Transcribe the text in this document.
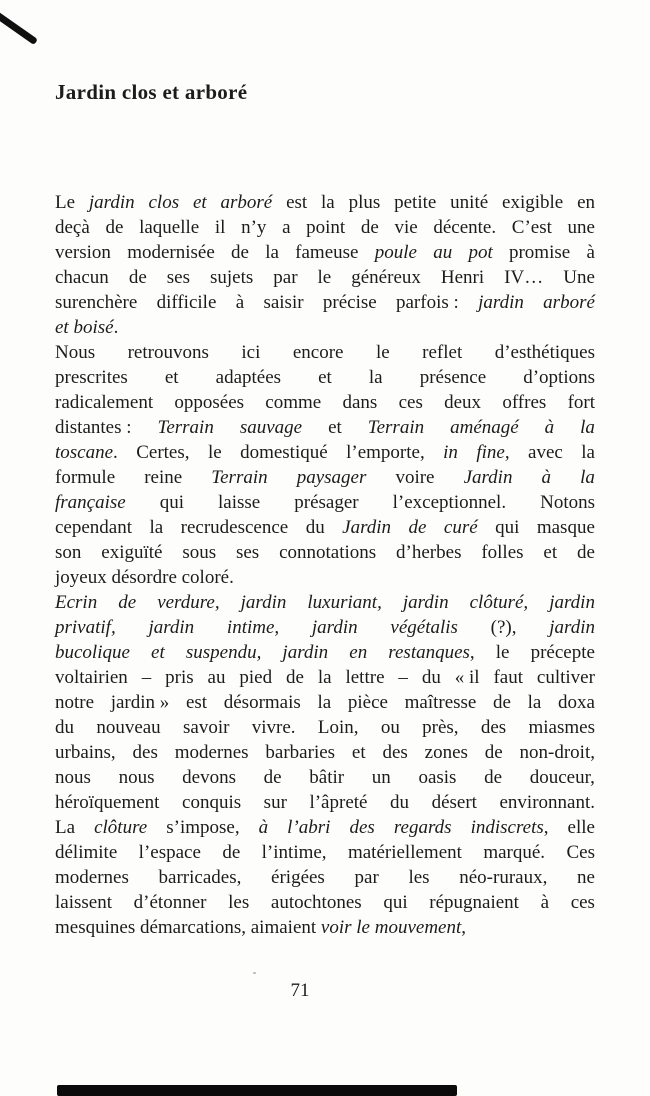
Jardin clos et arboré
Le jardin clos et arboré est la plus petite unité exigible en
deçà de laquelle il n’y a point de vie décente. C’est une
version modernisée de la fameuse poule au pot promise à
chacun de ses sujets par le généreux Henri IV… Une
surenchère difficile à saisir précise parfois : jardin arboré
et boisé.
Nous retrouvons ici encore le reflet d’esthétiques
prescrites et adaptées et la présence d’options
radicalement opposées comme dans ces deux offres fort
distantes : Terrain sauvage et Terrain aménagé à la
toscane. Certes, le domestiqué l’emporte, in fine, avec la
formule reine Terrain paysager voire Jardin à la
française qui laisse présager l’exceptionnel. Notons
cependant la recrudescence du Jardin de curé qui masque
son exiguïté sous ses connotations d’herbes folles et de
joyeux désordre coloré.
Ecrin de verdure, jardin luxuriant, jardin clôturé, jardin
privatif, jardin intime, jardin végétalis (?), jardin
bucolique et suspendu, jardin en restanques, le précepte
voltairien – pris au pied de la lettre – du « il faut cultiver
notre jardin » est désormais la pièce maîtresse de la doxa
du nouveau savoir vivre. Loin, ou près, des miasmes
urbains, des modernes barbaries et des zones de non-droit,
nous nous devons de bâtir un oasis de douceur,
héroïquement conquis sur l’âpreté du désert environnant.
La clôture s’impose, à l’abri des regards indiscrets, elle
délimite l’espace de l’intime, matériellement marqué. Ces
modernes barricades, érigées par les néo-ruraux, ne
laissent d’étonner les autochtones qui répugnaient à ces
mesquines démarcations, aimaient voir le mouvement,
71
